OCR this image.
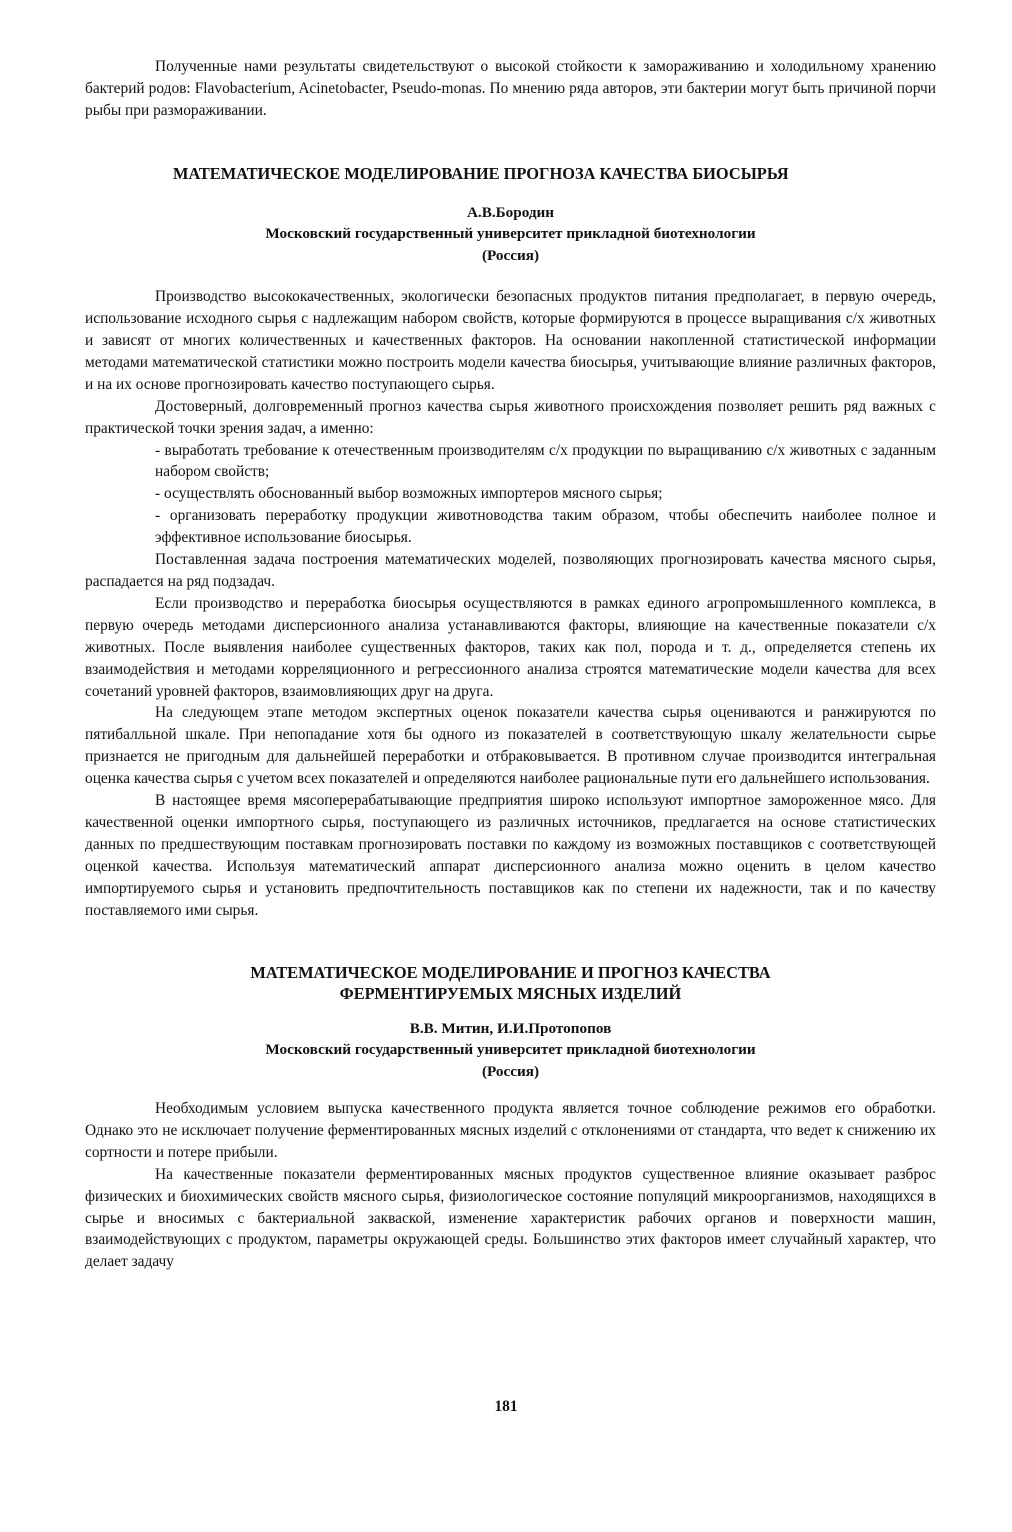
Полученные нами результаты свидетельствуют о высокой стойкости к замораживанию и холодильному хранению бактерий родов: Flavobacterium, Acinetobacter, Pseudo-monas. По мнению ряда авторов, эти бактерии могут быть причиной порчи рыбы при размораживании.

МАТЕМАТИЧЕСКОЕ МОДЕЛИРОВАНИЕ ПРОГНОЗА КАЧЕСТВА БИОСЫРЬЯ
А.В.Бородин
Московский государственный университет прикладной биотехнологии
(Россия)

Производство высококачественных, экологически безопасных продуктов питания предполагает, в первую очередь, использование исходного сырья с надлежащим набором свойств, которые формируются в процессе выращивания с/х животных и зависят от многих количественных и качественных факторов. На основании накопленной статистической информации методами математической статистики можно построить модели качества биосырья, учитывающие влияние различных факторов, и на их основе прогнозировать качество поступающего сырья.

Достоверный, долговременный прогноз качества сырья животного происхождения позволяет решить ряд важных с практической точки зрения задач, а именно:

- выработать требование к отечественным производителям с/х продукции по выращиванию с/х животных с заданным набором свойств;
- осуществлять обоснованный выбор возможных импортеров мясного сырья;
- организовать переработку продукции животноводства таким образом, чтобы обеспечить наиболее полное и эффективное использование биосырья.

Поставленная задача построения математических моделей, позволяющих прогнозировать качества мясного сырья, распадается на ряд подзадач.

Если производство и переработка биосырья осуществляются в рамках единого агропромышленного комплекса, в первую очередь методами дисперсионного анализа устанавливаются факторы, влияющие на качественные показатели с/х животных. После выявления наиболее существенных факторов, таких как пол, порода и т. д., определяется степень их взаимодействия и методами корреляционного и регрессионного анализа строятся математические модели качества для всех сочетаний уровней факторов, взаимовлияющих друг на друга.

На следующем этапе методом экспертных оценок показатели качества сырья оцениваются и ранжируются по пятибалльной шкале. При непопадание хотя бы одного из показателей в соответствующую шкалу желательности сырье признается не пригодным для дальнейшей переработки и отбраковывается. В противном случае производится интегральная оценка качества сырья с учетом всех показателей и определяются наиболее рациональные пути его дальнейшего использования.

В настоящее время мясоперерабатывающие предприятия широко используют импортное замороженное мясо. Для качественной оценки импортного сырья, поступающего из различных источников, предлагается на основе статистических данных по предшествующим поставкам прогнозировать поставки по каждому из возможных поставщиков с соответствующей оценкой качества. Используя математический аппарат дисперсионного анализа можно оценить в целом качество импортируемого сырья и установить предпочтительность поставщиков как по степени их надежности, так и по качеству поставляемого ими сырья.

МАТЕМАТИЧЕСКОЕ МОДЕЛИРОВАНИЕ И ПРОГНОЗ КАЧЕСТВА
ФЕРМЕНТИРУЕМЫХ МЯСНЫХ ИЗДЕЛИЙ
В.В. Митин, И.И.Протопопов
Московский государственный университет прикладной биотехнологии
(Россия)

Необходимым условием выпуска качественного продукта является точное соблюдение режимов его обработки. Однако это не исключает получение ферментированных мясных изделий с отклонениями от стандарта, что ведет к снижению их сортности и потере прибыли.

На качественные показатели ферментированных мясных продуктов существенное влияние оказывает разброс физических и биохимических свойств мясного сырья, физиологическое состояние популяций микроорганизмов, находящихся в сырье и вносимых с бактериальной закваской, изменение характеристик рабочих органов и поверхности машин, взаимодействующих с продуктом, параметры окружающей среды. Большинство этих факторов имеет случайный характер, что делает задачу

181
